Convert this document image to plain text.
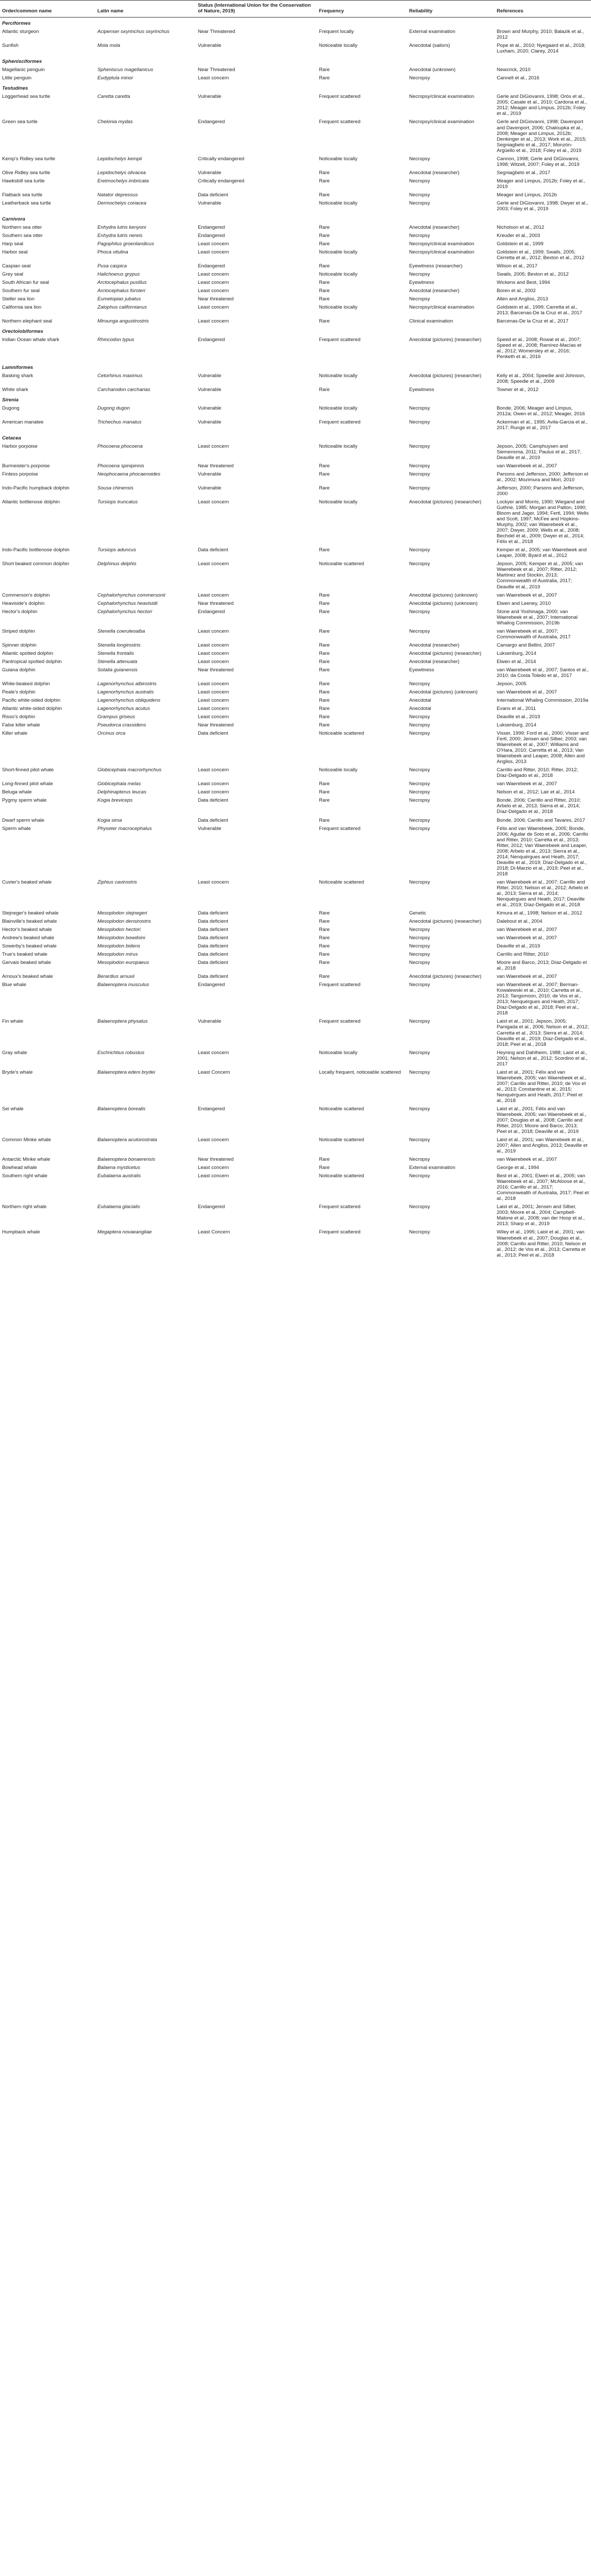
Order/common name	Latin name	Status (International Union for the Conservation of Nature, 2019)	Frequency	Reliability	References
Perciformes					
Atlantic sturgeon	Acipenser oxyrinchus oxyrinchus	Near Threatened	Frequent locally	External examination	Brown and Murphy, 2010; Balazik et al., 2012
Sunfish	Mola mola	Vulnerable	Noticeable locally	Anecdotal (sailors)	Pope et al., 2010; Nyegaard et al., 2018; Luxham, 2020; Clarey, 2014
Sphenisciformes					
Magellanic penguin	Spheniscus magellanicus	Near Threatened	Rare	Anecdotal (unknown)	Newcrick, 2010
Little penguin	Eudyptula minor	Least concern	Rare	Necropsy	Cannell et al., 2016
Testudines					
Loggerhead sea turtle	Caretta caretta	Vulnerable	Frequent scattered	Necropsy/clinical examination	Gerle and DiGiovanni, 1998; Orós et al., 2005; Casale et al., 2010; Cardona et al., 2012; Meager and Limpus, 2012b; Foley et al., 2019
Green sea turtle	Chelonia mydas	Endangered	Frequent scattered	Necropsy/clinical examination	Gerle and DiGiovanni, 1998; Davenport and Davenport, 2006; Chaloupka et al., 2008; Meager and Limpus, 2012b; Denkinger et al., 2013; Work et al., 2015; Segniagbeto et al., 2017; Monzón-Argüello et al., 2018; Foley et al., 2019
Kemp's Ridley sea turtle	Lepidochelys kempii	Critically endangered	Noticeable locally	Necropsy	Cannon, 1998; Gerle and DiGiovanni, 1998; Witzell, 2007; Foley et al., 2019
Olive Ridley sea turtle	Lepidochelys olivacea	Vulnerable	Rare	Anecdotal (researcher)	Segniagbeto et al., 2017
Hawksbill sea turtle	Eretmochelys imbricata	Critically endangered	Rare	Necropsy	Meager and Limpus, 2012b; Foley et al., 2019
Flatback sea turtle	Natator depressus	Data deficient	Rare	Necropsy	Meager and Limpus, 2012b
Leatherback sea turtle	Dermochelys coriacea	Vulnerable	Noticeable locally	Necropsy	Gerle and DiGiovanni, 1998; Dwyer et al., 2003; Foley et al., 2019
Carnivora					
Northern sea otter	Enhydra lutris kenyoni	Endangered	Rare	Anecdotal (researcher)	Nicholson et al., 2012
Southern sea otter	Enhydra lutris nereis	Endangered	Rare	Necropsy	Kreuder et al., 2003
Harp seal	Pagophilus groenlandicus	Least concern	Rare	Necropsy/clinical examination	Goldstein et al., 1999
Harbor seal	Phoca vitulina	Least concern	Noticeable locally	Necropsy/clinical examination	Goldstein et al., 1999; Swails, 2005; Cerretta et al., 2012; Bexton et al., 2012
Caspian seal	Pusa caspica	Endangered	Rare	Eyewitness (researcher)	Wilson et al., 2017
Grey seal	Halichoerus grypus	Least concern	Noticeable locally	Necropsy	Swails, 2005; Bexton et al., 2012
South African fur seal	Arctocephalus pusillus	Least concern	Rare	Eyewitness	Wickens and Best, 1994
Southern fur seal	Arctocephalus forsteri	Least concern	Rare	Anecdotal (researcher)	Boren et al., 2002
Steller sea lion	Eumetopias jubatus	Near threatened	Rare	Necropsy	Allen and Angliss, 2013
California sea lion	Zalophus californianus	Least concern	Noticeable locally	Necropsy/clinical examination	Goldstein et al., 1999; Carretta et al., 2013; Barcenas-De la Cruz et al., 2017
Northern elephant seal	Mirounga angustirostris	Least concern	Rare	Clinical examination	Barcenas-De la Cruz et al., 2017
Orectolobiformes					
Indian Ocean whale shark	Rhincodon typus	Endangered	Frequent scattered	Anecdotal (pictures) (researcher)	Speed et al., 2008; Rowat et al., 2007; Speed et al., 2008; Ramírez-Macías et al., 2012; Womersley et al., 2016; Penketh et al., 2016
Lamniformes					
Basking shark	Cetorhinus maximus	Vulnerable	Noticeable locally	Anecdotal (pictures) (researcher)	Kelly et al., 2004; Speedie and Johnson, 2008; Speedie et al., 2009
White shark	Carcharodon carcharias	Vulnerable	Rare	Eyewitness	Towner et al., 2012
Sirenia					
Dugong	Dugong dugon	Vulnerable	Noticeable locally	Necropsy	Bonde, 2006; Meager and Limpus, 2012a; Owen et al., 2012; Meager, 2016
American manatee	Trichechus manatus	Vulnerable	Frequent scattered	Necropsy	Ackerman et al., 1995; Avila-Garcia et al., 2017; Runge et al., 2017
Cetacea					
Harbor porpoise	Phocoena phocoena	Least concern	Noticeable locally	Necropsy	Jepson, 2005; Camphuysen and Siemensma, 2011; Paulus et al., 2017; Deaville et al., 2019
Burmeister's porpoise	Phocoena spinipinnis	Near threatened	Rare	Necropsy	van Waerebeek et al., 2007
Finless porpoise	Neophocaena phocaenoides	Vulnerable	Rare	Necropsy	Parsons and Jefferson, 2000; Jefferson et al., 2002; Mozimura and Mori, 2010
Indo-Pacific humpback dolphin	Sousa chinensis	Vulnerable	Rare	Necropsy	Jefferson, 2000; Parsons and Jefferson, 2000
Atlantic bottlenose dolphin	Tursiops truncatus	Least concern	Noticeable locally	Anecdotal (pictures) (researcher)	Lockyer and Morris, 1990; Wiegand and Guthrie, 1985; Morgan and Patton, 1990; Bloom and Jager, 1994; Fertl, 1994; Wells and Scott, 1997; McFee and Hopkins-Murphy, 2002; van Waerebeek et al., 2007; Dwyer, 2009; Wells et al., 2008; Bechdel et al., 2009; Dwyer et al., 2014; Félix et al., 2018
Indo-Pacific bottlenose dolphin	Tursiops aduncus	Data deficient	Rare	Necropsy	Kemper et al., 2005; van Waerebeek and Leaper, 2008; Byard et al., 2012
Short beaked common dolphin	Delphinus delphis	Least concern	Noticeable scattered	Necropsy	Jepson, 2005; Kemper et al., 2005; van Waerebeek et al., 2007; Ritter, 2012; Martinez and Stockin, 2013; Commonwealth of Australia, 2017; Deaville et al., 2019
Commerson's dolphin	Cephalorhynchus commersonii	Least concern	Rare	Anecdotal (pictures) (unknown)	van Waerebeek et al., 2007
Heaviside's dolphin	Cephalorhynchus heavisidii	Near threatened	Rare	Anecdotal (pictures) (unknown)	Elwen and Leeney, 2010
Hector's dolphin	Cephalorhynchus hectori	Endangered	Rare	Necropsy	Stone and Yoshinaga, 2000; van Waerebeek et al., 2007; International Whaling Commission, 2019b
Striped dolphin	Stenella coeruleoalba	Least concern	Rare	Necropsy	van Waerebeek et al., 2007; Commonwealth of Australia, 2017
Spinner dolphin	Stenella longirostris	Least concern	Rare	Anecdotal (researcher)	Camargo and Bellini, 2007
Atlantic spotted dolphin	Stenella frontalis	Least concern	Rare	Anecdotal (pictures) (researcher)	Luksenburg, 2014
Pantropical spotted dolphin	Stenella attenuata	Least concern	Rare	Anecdotal (researcher)	Elwen et al., 2014
Guiana dolphin	Sotalia guianensis	Near threatened	Rare	Eyewitness	van Waerebeek et al., 2007; Santos et al., 2010; da Costa Toledo et al., 2017
White-beaked dolphin	Lagenorhynchus albirostris	Least concern	Rare	Necropsy	Jepson, 2005
Peale's dolphin	Lagenorhynchus australis	Least concern	Rare	Anecdotal (pictures) (unknown)	van Waerebeek et al., 2007
Pacific white-sided dolphin	Lagenorhynchus obliquidens	Least concern	Rare	Anecdotal	International Whaling Commission, 2019a
Atlantic white-sided dolphin	Lagenorhynchus acutus	Least concern	Rare	Anecdotal	Evans et al., 2011
Risso's dolphin	Grampus griseus	Least concern	Rare	Necropsy	Deaville et al., 2019
False killer whale	Pseudorca crassidens	Near threatened	Rare	Necropsy	Luksenburg, 2014
Killer whale	Orcinus orca	Data deficient	Noticeable scattered	Necropsy	Visser, 1999; Ford et al., 2000; Visser and Fertl, 2000; Jensen and Silber, 2003; van Waerebeek et al., 2007; Williams and O'Hara, 2010; Carretta et al., 2013; Van Waerebeek and Leaper, 2008; Allen and Angliss, 2013
Short-finned pilot whale	Globicephala macrorhynchus	Least concern	Noticeable locally	Necropsy	Carrillo and Ritter, 2010; Ritter, 2012; Díaz-Delgado et al., 2018
Long-finned pilot whale	Globicephala melas	Least concern	Rare	Necropsy	van Waerebeek et al., 2007
Beluga whale	Delphinapterus leucas	Least concern	Rare	Necropsy	Nelson et al., 2012; Lair et al., 2014
Pygmy sperm whale	Kogia breviceps	Data deficient	Rare	Necropsy	Bonde, 2006; Carrillo and Ritter, 2010; Arbelo et al., 2013; Sierra et al., 2014; Díaz-Delgado et al., 2018
Dwarf sperm whale	Kogia sima	Data deficient	Rare	Necropsy	Bonde, 2006; Carrillo and Tavares, 2017
Sperm whale	Physeter macrocephalus	Vulnerable	Frequent scattered	Necropsy	Félix and van Waerebeek, 2005; Bonde, 2006; Aguilar de Soto et al., 2006; Carrillo and Ritter, 2010; Carretta et al., 2013; Ritter, 2012; Van Waerebeek and Leaper, 2008; Arbelo et al., 2013; Sierra et al., 2014; Nenquérgues and Heath, 2017; Deaville et al., 2019; Díaz-Delgado et al., 2018; Di-Marzio et al., 2019; Peel et al., 2018
Cuvier's beaked whale	Ziphius cavirostris	Least concern	Noticeable scattered	Necropsy	van Waerebeek et al., 2007; Carrillo and Ritter, 2010; Nelson et al., 2012; Arbelo et al., 2013; Sierra et al., 2014; Nenquérgues and Heath, 2017; Deaville et al., 2019; Díaz-Delgado et al., 2018
Stejneger's beaked whale	Mesoplodon stejnegeri	Data deficient	Rare	Genetic	Kimura et al., 1998; Nelson et al., 2012
Blainville's beaked whale	Mesoplodon densirostris	Data deficient	Rare	Anecdotal (pictures) (researcher)	Dalebout et al., 2004
Hector's beaked whale	Mesoplodon hectori	Data deficient	Rare	Necropsy	van Waerebeek et al., 2007
Andrew's beaked whale	Mesoplodon bowdoini	Data deficient	Rare	Necropsy	van Waerebeek et al., 2007
Sowerby's beaked whale	Mesoplodon bidens	Data deficient	Rare	Necropsy	Deaville et al., 2019
True's beaked whale	Mesoplodon mirus	Data deficient	Rare	Necropsy	Carrillo and Ritter, 2010
Gervais beaked whale	Mesoplodon europaeus	Data deficient	Rare	Necropsy	Moore and Barco, 2013; Díaz-Delgado et al., 2018
Arnoux's beaked whale	Berardius arnuxii	Data deficient	Rare	Anecdotal (pictures) (researcher)	van Waerebeek et al., 2007
Blue whale	Balaenoptera musculus	Endangered	Frequent scattered	Necropsy	van Waerebeek et al., 2007; Berman-Kowalewski et al., 2010; Carretta et al., 2013; Tangsmoon, 2010; de Vos et al., 2013; Nenquérgues and Heath, 2017; Díaz-Delgado et al., 2018; Peel et al., 2018
Fin whale	Balaenoptera physalus	Vulnerable	Frequent scattered	Necropsy	Laist et al., 2001; Jepson, 2005; Panigada et al., 2006; Nelson et al., 2012; Carretta et al., 2013; Sierra et al., 2014; Deaville et al., 2019; Díaz-Delgado et al., 2018; Peel et al., 2018
Gray whale	Eschrichtius robustus	Least concern	Noticeable locally	Necropsy	Heyning and Dahlheim, 1988; Laist et al., 2001; Nelson et al., 2012; Scordino et al., 2017
Bryde's whale	Balaenoptera edeni brydei	Least Concern	Locally frequent, noticeable scattered	Necropsy	Laist et al., 2001; Félix and van Waerebeek, 2005; van Waerebeek et al., 2007; Carrillo and Ritter, 2010; de Vos et al., 2013; Constantine et al., 2015; Nenquérgues and Heath, 2017; Peel et al., 2018
Sei whale	Balaenoptera borealis	Endangered	Noticeable scattered	Necropsy	Laist et al., 2001; Félix and van Waerebeek, 2005; van Waerebeek et al., 2007; Douglas et al., 2008; Carrillo and Ritter, 2010; Moore and Barco, 2013; Peel et al., 2018; Deaville et al., 2019
Common Minke whale	Balaenoptera acutorostrata	Least concern	Noticeable scattered	Necropsy	Laist et al., 2001; van Waerebeek et al., 2007; Allen and Angliss, 2013; Deaville et al., 2019
Antarctic Minke whale	Balaenoptera bonaerensis	Near threatened	Rare	Necropsy	van Waerebeek et al., 2007
Bowhead whale	Balaena mysticetus	Least concern	Rare	External examination	George et al., 1994
Southern right whale	Eubalaena australis	Least concern	Noticeable scattered	Necropsy	Best et al., 2001; Elwen et al., 2005; van Waerebeek et al., 2007; McAloose et al., 2016; Carrillo et al., 2017; Commonwealth of Australia, 2017; Peel et al., 2018
Northern right whale	Eubalaena glacialis	Endangered	Frequent scattered	Necropsy	Laist et al., 2001; Jensen and Silber, 2003; Moore et al., 2004; Campbell-Malone et al., 2008; van der Hoop et al., 2013; Sharp et al., 2019
Humpback whale	Megaptera novaeangliae	Least Concern	Frequent scattered	Necropsy	Wiley et al., 1995; Laist et al., 2001; van Waerebeek et al., 2007; Douglas et al., 2008; Carrillo and Ritter, 2010; Nelson et al., 2012; de Vos et al., 2013; Carretta et al., 2013; Peel et al., 2018
